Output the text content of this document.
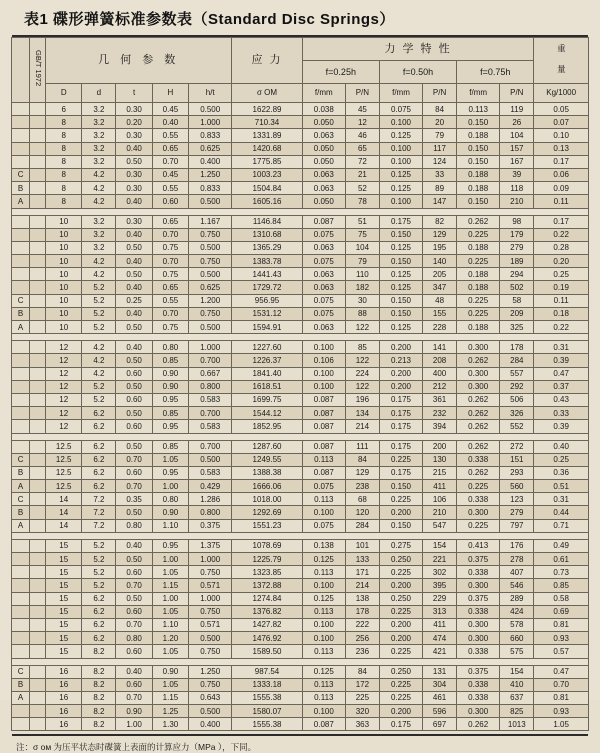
表1 碟形弹簧标准参数表（Standard Disc Springs）
	GB/T 1972	几 何 参 数					应 力	力 学 特 性						重 量
								f=0.25h		f=0.50h		f=0.75h		
		D	d	t	H	h/t	σ OM	f/mm	P/N	f/mm	P/N	f/mm	P/N	Kg/1000
		6	3.2	0.30	0.45	0.500	1622.89	0.038	45	0.075	84	0.113	119	0.05
		8	3.2	0.20	0.40	1.000	710.34	0.050	12	0.100	20	0.150	26	0.07
		8	3.2	0.30	0.55	0.833	1331.89	0.063	46	0.125	79	0.188	104	0.10
		8	3.2	0.40	0.65	0.625	1420.68	0.050	65	0.100	117	0.150	157	0.13
		8	3.2	0.50	0.70	0.400	1775.85	0.050	72	0.100	124	0.150	167	0.17
C		8	4.2	0.30	0.45	1.250	1003.23	0.063	21	0.125	33	0.188	39	0.06
B		8	4.2	0.30	0.55	0.833	1504.84	0.063	52	0.125	89	0.188	118	0.09
A		8	4.2	0.40	0.60	0.500	1605.16	0.050	78	0.100	147	0.150	210	0.11

		10	3.2	0.30	0.65	1.167	1146.84	0.087	51	0.175	82	0.262	98	0.17
		10	3.2	0.40	0.70	0.750	1310.68	0.075	75	0.150	129	0.225	179	0.22
		10	3.2	0.50	0.75	0.500	1365.29	0.063	104	0.125	195	0.188	279	0.28
		10	4.2	0.40	0.70	0.750	1383.78	0.075	79	0.150	140	0.225	189	0.20
		10	4.2	0.50	0.75	0.500	1441.43	0.063	110	0.125	205	0.188	294	0.25
		10	5.2	0.40	0.65	0.625	1729.72	0.063	182	0.125	347	0.188	502	0.19
C		10	5.2	0.25	0.55	1.200	956.95	0.075	30	0.150	48	0.225	58	0.11
B		10	5.2	0.40	0.70	0.750	1531.12	0.075	88	0.150	155	0.225	209	0.18
A		10	5.2	0.50	0.75	0.500	1594.91	0.063	122	0.125	228	0.188	325	0.22

		12	4.2	0.40	0.80	1.000	1227.60	0.100	85	0.200	141	0.300	178	0.31
		12	4.2	0.50	0.85	0.700	1226.37	0.106	122	0.213	208	0.262	284	0.39
		12	4.2	0.60	0.90	0.667	1841.40	0.100	224	0.200	400	0.300	557	0.47
		12	5.2	0.50	0.90	0.800	1618.51	0.100	122	0.200	212	0.300	292	0.37
		12	5.2	0.60	0.95	0.583	1699.75	0.087	196	0.175	361	0.262	506	0.43
		12	6.2	0.50	0.85	0.700	1544.12	0.087	134	0.175	232	0.262	326	0.33
		12	6.2	0.60	0.95	0.583	1852.95	0.087	214	0.175	394	0.262	552	0.39

		12.5	6.2	0.50	0.85	0.700	1287.60	0.087	111	0.175	200	0.262	272	0.40
C		12.5	6.2	0.70	1.05	0.500	1249.55	0.113	84	0.225	130	0.338	151	0.25
B		12.5	6.2	0.60	0.95	0.583	1388.38	0.087	129	0.175	215	0.262	293	0.36
A		12.5	6.2	0.70	1.00	0.429	1666.06	0.075	238	0.150	411	0.225	560	0.51
C		14	7.2	0.35	0.80	1.286	1018.00	0.113	68	0.225	106	0.338	123	0.31
B		14	7.2	0.50	0.90	0.800	1292.69	0.100	120	0.200	210	0.300	279	0.44
A		14	7.2	0.80	1.10	0.375	1551.23	0.075	284	0.150	547	0.225	797	0.71

		15	5.2	0.40	0.95	1.375	1078.69	0.138	101	0.275	154	0.413	176	0.49
		15	5.2	0.50	1.00	1.000	1225.79	0.125	133	0.250	221	0.375	278	0.61
		15	5.2	0.60	1.05	0.750	1323.85	0.113	171	0.225	302	0.338	407	0.73
		15	5.2	0.70	1.15	0.571	1372.88	0.100	214	0.200	395	0.300	546	0.85
		15	6.2	0.50	1.00	1.000	1274.84	0.125	138	0.250	229	0.375	289	0.58
		15	6.2	0.60	1.05	0.750	1376.82	0.113	178	0.225	313	0.338	424	0.69
		15	6.2	0.70	1.10	0.571	1427.82	0.100	222	0.200	411	0.300	578	0.81
		15	6.2	0.80	1.20	0.500	1476.92	0.100	256	0.200	474	0.300	660	0.93
		15	8.2	0.60	1.05	0.750	1589.50	0.113	236	0.225	421	0.338	575	0.57

C		16	8.2	0.40	0.90	1.250	987.54	0.125	84	0.250	131	0.375	154	0.47
B		16	8.2	0.60	1.05	0.750	1333.18	0.113	172	0.225	304	0.338	410	0.70
A		16	8.2	0.70	1.15	0.643	1555.38	0.113	225	0.225	461	0.338	637	0.81
		16	8.2	0.90	1.25	0.500	1580.07	0.100	320	0.200	596	0.300	825	0.93
		16	8.2	1.00	1.30	0.400	1555.38	0.087	363	0.175	697	0.262	1013	1.05
注：σ ом 为压平状态时碟簧上表面的计算应力（MPa ），下同。
